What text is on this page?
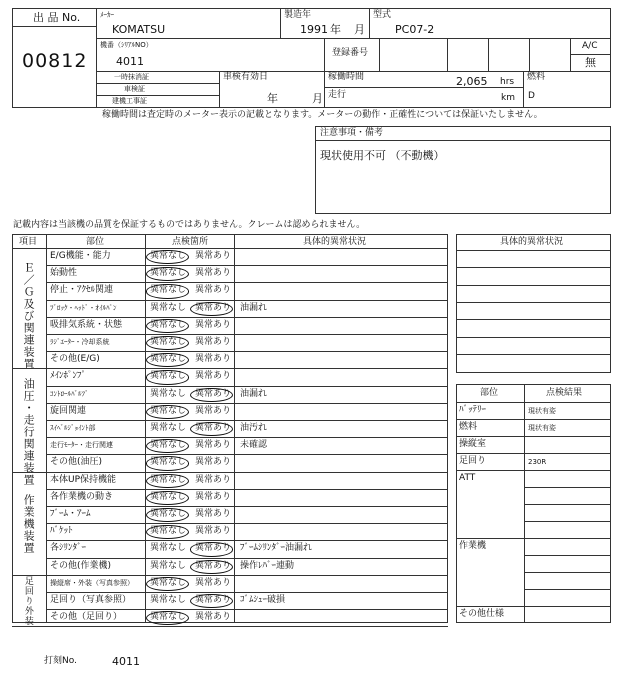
出 品 No.
00812
ﾒｰｶｰ
KOMATSU
製造年
1991 年 月
型式
PC07-2
A/C
無
機番（ｼﾘｱﾙNO）
4011
登録番号
一時抹消証
車検証
建機工事証
車検有効日
年	月
稼働時間	2,065 hrs
走行	km
燃料
D
稼働時間は査定時のメーター表示の記載となります。メーターの動作・正確性については保証いたしません。
注意事項・備考
現状使用不可 （不動機）
記載内容は当該機の品質を保証するものではありません。クレームは認められません。
項目	部位	点検箇所	具体的異常状況
Ｅ／Ｇ及び関連装置
油圧・走行関連装置
作業機装置
足回り外装
E/G機能・能力	異常なし 異常あり
始動性	異常なし 異常あり
停止・ｱｸｾﾙ関連	異常なし 異常あり
ﾌﾞﾛｯｸ・ﾍｯﾄﾞ・ｵｲﾙﾊﾟﾝ	異常なし 異常あり 油漏れ
吸排気系統・状態	異常なし 異常あり
ﾗｼﾞｴｰﾀｰ・冷却系統	異常なし 異常あり
その他(E/G)	異常なし 異常あり
ﾒｲﾝﾎﾟﾝﾌﾟ	異常なし 異常あり
ｺﾝﾄﾛｰﾙﾊﾞﾙﾌﾞ	異常なし 異常あり 油漏れ
旋回関連	異常なし 異常あり
ｽｲﾍﾞﾙｼﾞｮｲﾝﾄ部	異常なし 異常あり 油汚れ
走行ﾓｰﾀｰ・走行関連	異常なし 異常あり 未確認
その他(油圧)	異常なし 異常あり
本体UP保持機能	異常なし 異常あり
各作業機の動き	異常なし 異常あり
ﾌﾞｰﾑ・ｱｰﾑ	異常なし 異常あり
ﾊﾞｹｯﾄ	異常なし 異常あり
各ｼﾘﾝﾀﾞｰ	異常なし 異常あり ﾌﾞｰﾑｼﾘﾝﾀﾞｰ油漏れ
その他(作業機)	異常なし 異常あり 操作ﾚﾊﾞｰ連動
操縦席・外装（写真参照） 異常なし 異常あり
足回り（写真参照） 異常なし 異常あり ｺﾞﾑｼｭｰ破損
その他（足回り）	異常なし 異常あり
具体的異常状況
部位	点検結果
ﾊﾞｯﾃﾘｰ	現状有姿
燃料	現状有姿
操縦室
足回り	230R
ATT
作業機
その他仕様
打刻No.	4011
